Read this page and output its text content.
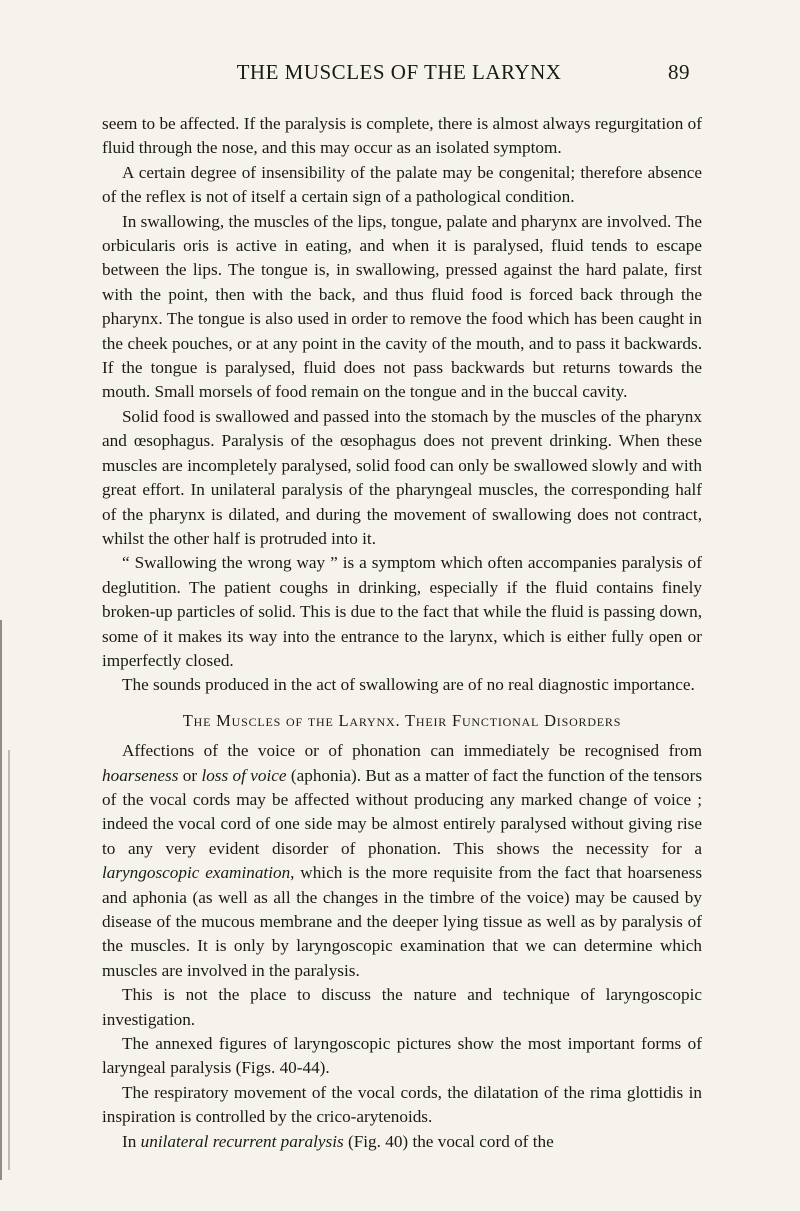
THE MUSCLES OF THE LARYNX	89

seem to be affected. If the paralysis is complete, there is almost always regurgitation of fluid through the nose, and this may occur as an isolated symptom.

A certain degree of insensibility of the palate may be congenital; therefore absence of the reflex is not of itself a certain sign of a pathological condition.

In swallowing, the muscles of the lips, tongue, palate and pharynx are involved. The orbicularis oris is active in eating, and when it is paralysed, fluid tends to escape between the lips. The tongue is, in swallowing, pressed against the hard palate, first with the point, then with the back, and thus fluid food is forced back through the pharynx. The tongue is also used in order to remove the food which has been caught in the cheek pouches, or at any point in the cavity of the mouth, and to pass it backwards. If the tongue is paralysed, fluid does not pass backwards but returns towards the mouth. Small morsels of food remain on the tongue and in the buccal cavity.

Solid food is swallowed and passed into the stomach by the muscles of the pharynx and œsophagus. Paralysis of the œsophagus does not prevent drinking. When these muscles are incompletely paralysed, solid food can only be swallowed slowly and with great effort. In unilateral paralysis of the pharyngeal muscles, the corresponding half of the pharynx is dilated, and during the movement of swallowing does not contract, whilst the other half is protruded into it.

“ Swallowing the wrong way ” is a symptom which often accompanies paralysis of deglutition. The patient coughs in drinking, especially if the fluid contains finely broken-up particles of solid. This is due to the fact that while the fluid is passing down, some of it makes its way into the entrance to the larynx, which is either fully open or imperfectly closed.

The sounds produced in the act of swallowing are of no real diagnostic importance.

The Muscles of the Larynx. Their Functional Disorders

Affections of the voice or of phonation can immediately be recognised from hoarseness or loss of voice (aphonia). But as a matter of fact the function of the tensors of the vocal cords may be affected without producing any marked change of voice ; indeed the vocal cord of one side may be almost entirely paralysed without giving rise to any very evident disorder of phonation. This shows the necessity for a laryngoscopic examination, which is the more requisite from the fact that hoarseness and aphonia (as well as all the changes in the timbre of the voice) may be caused by disease of the mucous membrane and the deeper lying tissue as well as by paralysis of the muscles. It is only by laryngoscopic examination that we can determine which muscles are involved in the paralysis.

This is not the place to discuss the nature and technique of laryngoscopic investigation.

The annexed figures of laryngoscopic pictures show the most important forms of laryngeal paralysis (Figs. 40-44).

The respiratory movement of the vocal cords, the dilatation of the rima glottidis in inspiration is controlled by the crico-arytenoids.

In unilateral recurrent paralysis (Fig. 40) the vocal cord of the
